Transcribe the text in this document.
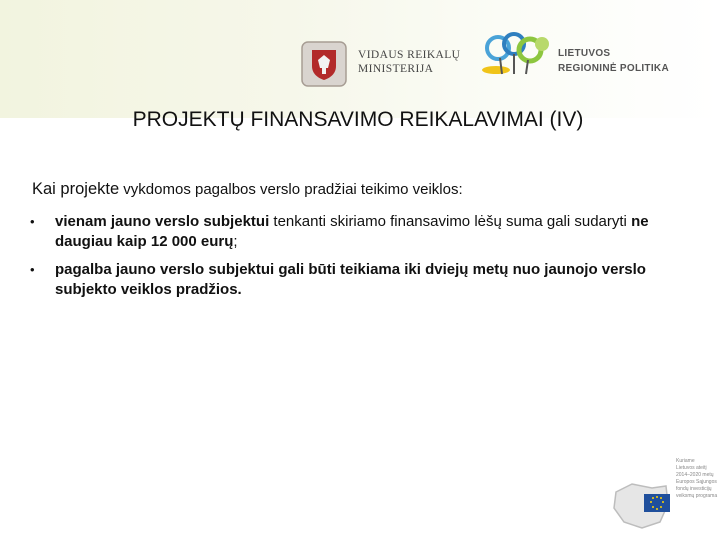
VIDAUS REIKALŲ
MINISTERIJA
LIETUVOS
REGIONINĖ POLITIKA
PROJEKTŲ FINANSAVIMO REIKALAVIMAI (IV)
Kai projekte vykdomos pagalbos verslo pradžiai teikimo veiklos:
• vienam jauno verslo subjektui tenkanti skiriamo finansavimo lėšų suma gali sudaryti ne daugiau kaip 12 000 eurų;
• pagalba jauno verslo subjektui gali būti teikiama iki dviejų metų nuo jaunojo verslo subjekto veiklos pradžios.
Kuriame
Lietuvos ateitį
2014–2020 metų
Europos Sąjungos
fondų investicijų
veiksmų programa
